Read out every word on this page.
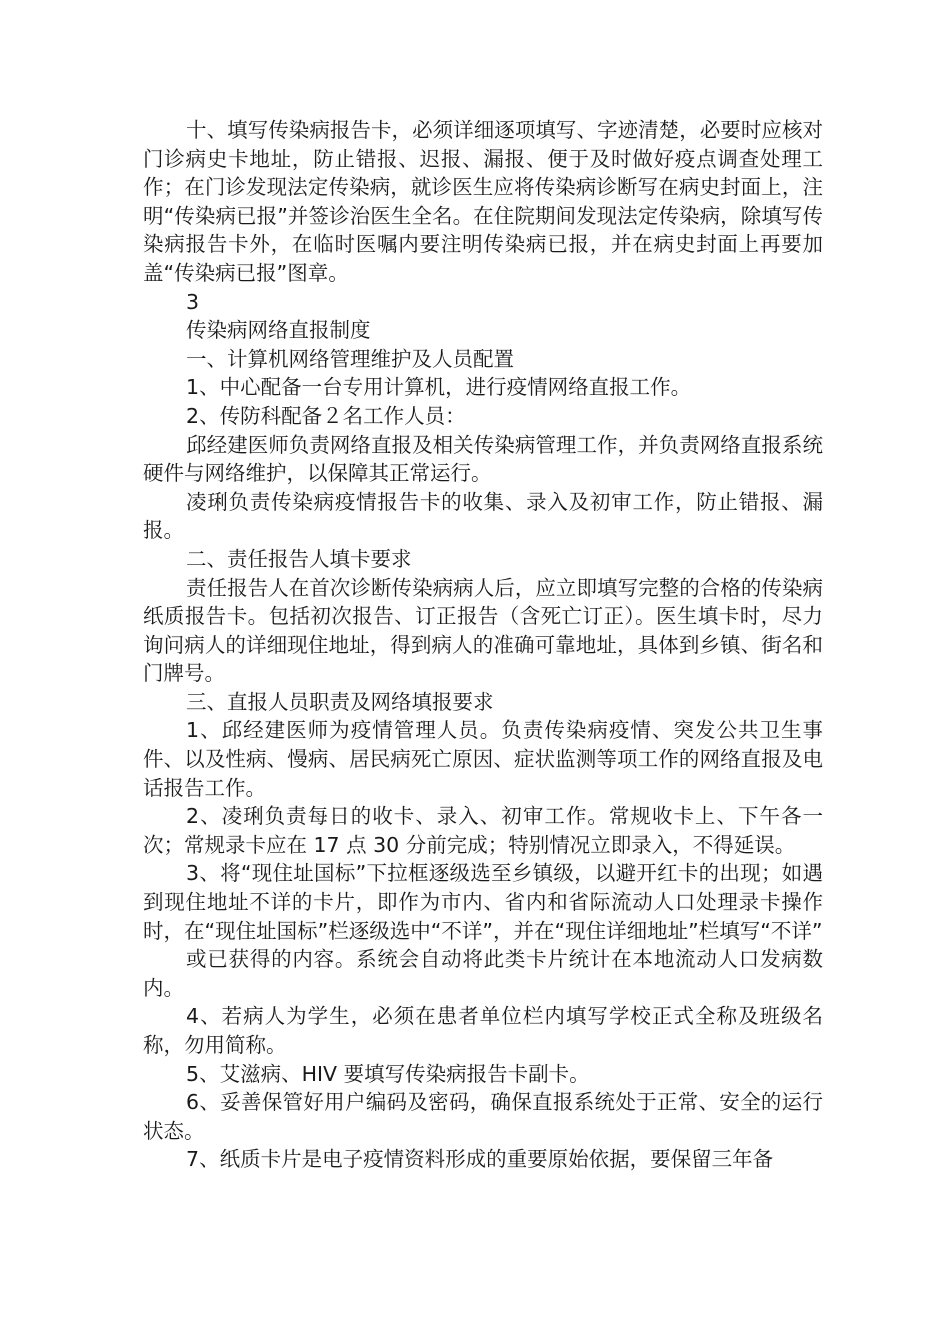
十、填写传染病报告卡，必须详细逐项填写、字迹清楚，必要时应核对门诊病史卡地址，防止错报、迟报、漏报、便于及时做好疫点调查处理工作；在门诊发现法定传染病，就诊医生应将传染病诊断写在病史封面上，注明“传染病已报”并签诊治医生全名。在住院期间发现法定传染病，除填写传染病报告卡外，在临时医嘱内要注明传染病已报，并在病史封面上再要加盖“传染病已报”图章。

3

传染病网络直报制度

一、计算机网络管理维护及人员配置

1、中心配备一台专用计算机，进行疫情网络直报工作。

2、传防科配备２名工作人员：

邱经建医师负责网络直报及相关传染病管理工作，并负责网络直报系统硬件与网络维护，以保障其正常运行。

凌琍负责传染病疫情报告卡的收集、录入及初审工作，防止错报、漏报。

二、责任报告人填卡要求

责任报告人在首次诊断传染病病人后，应立即填写完整的合格的传染病纸质报告卡。包括初次报告、订正报告（含死亡订正）。医生填卡时，尽力询问病人的详细现住地址，得到病人的准确可靠地址，具体到乡镇、街名和门牌号。

三、直报人员职责及网络填报要求

1、邱经建医师为疫情管理人员。负责传染病疫情、突发公共卫生事件、以及性病、慢病、居民病死亡原因、症状监测等项工作的网络直报及电话报告工作。

2、凌琍负责每日的收卡、录入、初审工作。常规收卡上、下午各一次；常规录卡应在 17 点 30 分前完成；特别情况立即录入，不得延误。

3、将“现住址国标”下拉框逐级选至乡镇级，以避开红卡的出现；如遇到现住地址不详的卡片，即作为市内、省内和省际流动人口处理录卡操作时，在“现住址国标”栏逐级选中“不详”，并在“现住详细地址”栏填写“不详”

或已获得的内容。系统会自动将此类卡片统计在本地流动人口发病数内。

4、若病人为学生，必须在患者单位栏内填写学校正式全称及班级名称，勿用简称。

5、艾滋病、HIV 要填写传染病报告卡副卡。

6、妥善保管好用户编码及密码，确保直报系统处于正常、安全的运行状态。

7、纸质卡片是电子疫情资料形成的重要原始依据，要保留三年备
